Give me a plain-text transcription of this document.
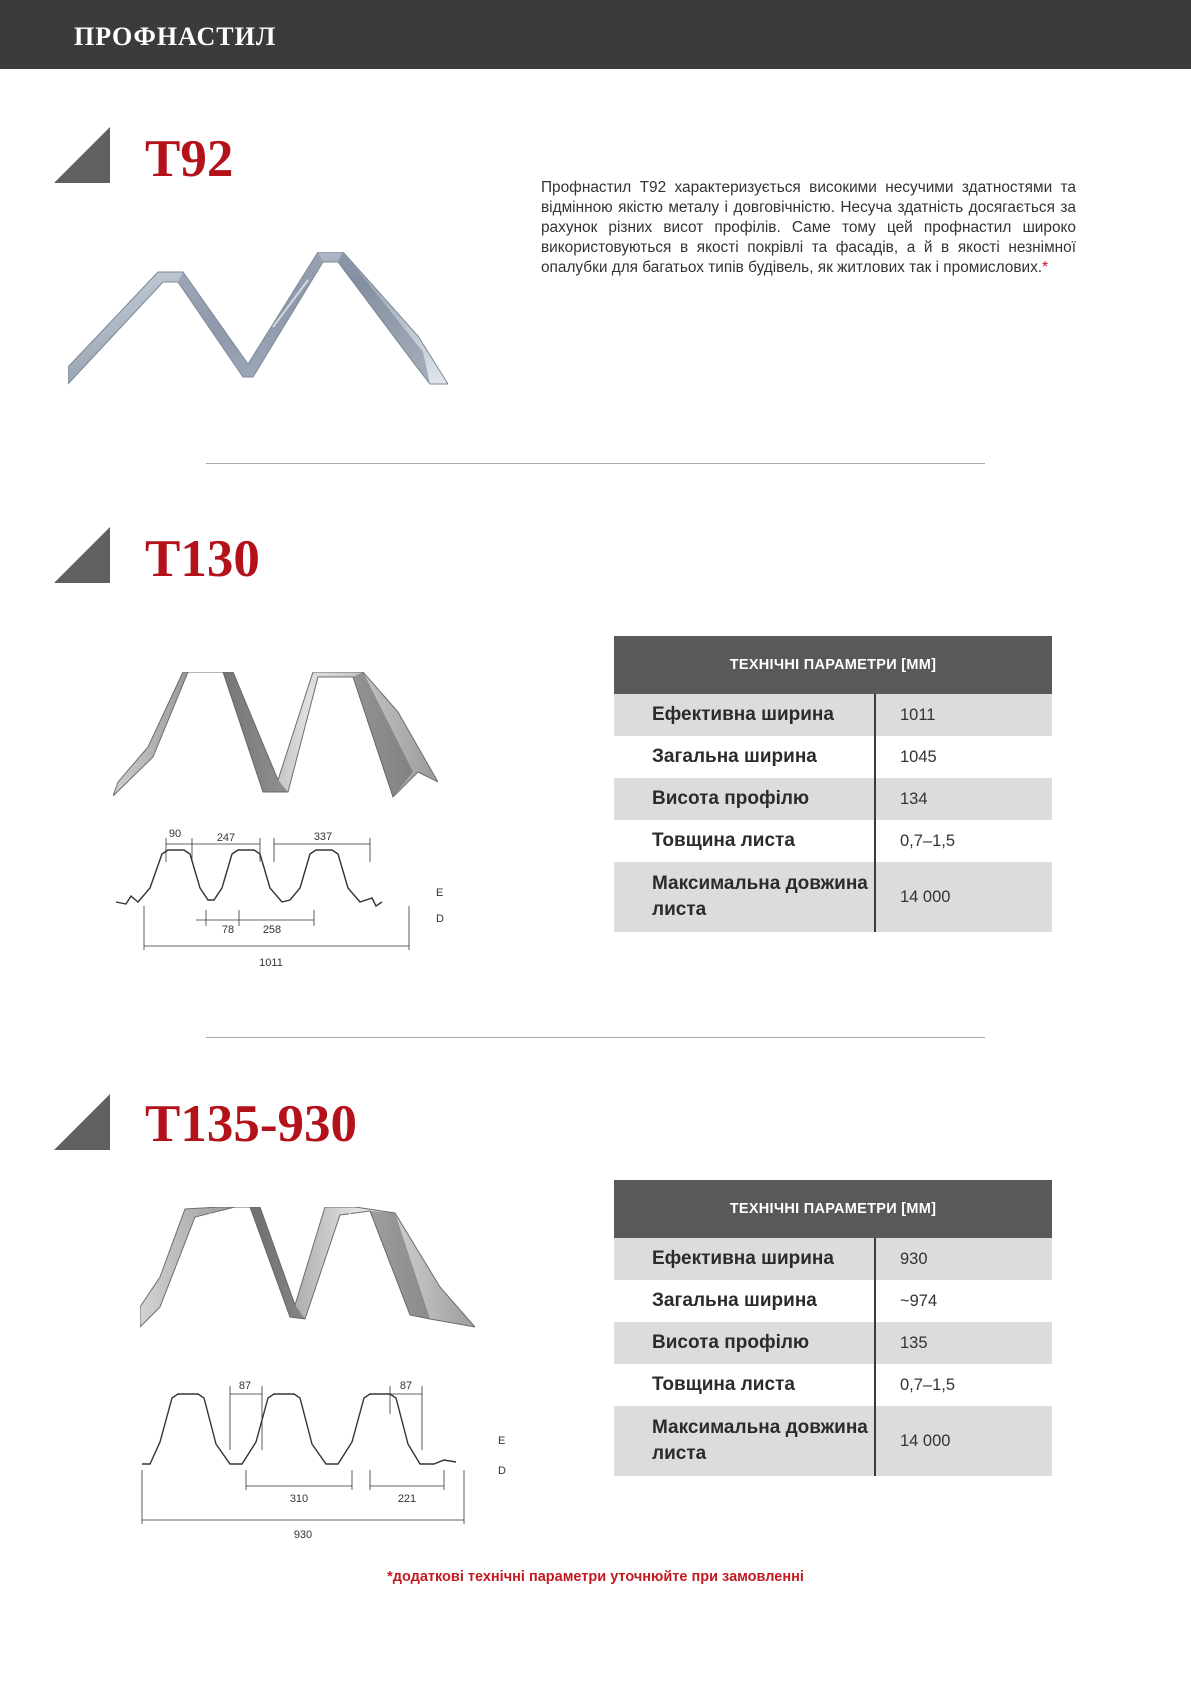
ПРОФНАСТИЛ
T92	Профнастил Т92 характеризується високими несучими здатностями та відмінною якістю металу і довговічністю. Несуча здатність досягається за рахунок різних висот профілів. Саме тому цей профнастил широко використовуються в якості покрівлі та фасадів, а й в якості незнімної опалубки для багатьох типів будівель, як житлових так і промислових.*
T130
90	247	337
78	258
1011
E
D
ТЕХНІЧНІ ПАРАМЕТРИ [ММ]	
Ефективна ширина	1011
Загальна ширина	1045
Висота профілю	134
Товщина листа	0,7–1,5
Максимальна довжина листа	14 000
T135-930
87	87
310	221
930
E
D
ТЕХНІЧНІ ПАРАМЕТРИ [ММ]	
Ефективна ширина	930
Загальна ширина	~974
Висота профілю	135
Товщина листа	0,7–1,5
Максимальна довжина листа	14 000
*додаткові технічні параметри уточнюйте при замовленні
